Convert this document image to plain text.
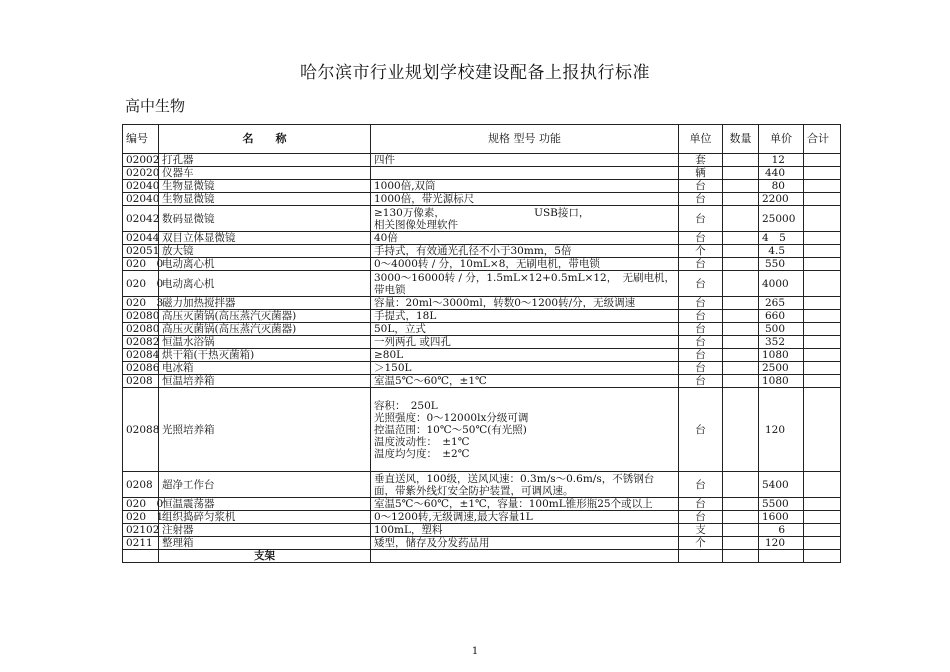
哈尔滨市行业规划学校建设配备上报执行标准
高中生物
编号	名　　称	规格 型号 功能	单位	数量	单价	合计
02002	打孔器	四件	套		12	
02020	仪器车		辆		440	
02040	生物显微镜	1000倍,双筒	台		80	
02040	生物显微镜	1000倍，带光源标尺	台		2200	
02042	数码显微镜	≥130万像素，　　　　　　　　　USB接口，
相关图像处理软件	台		25000	
02044	双目立体显微镜	40倍	台		4　5	
02051	放大镜	手持式，有效通光孔径不小于30mm，5倍	个		4.5	
020　0	电动离心机	0～4000转 / 分，10mL×8，无刷电机，带电锁	台		550	
020　0	电动离心机	3000～16000转 / 分，1.5mL×12+0.5mL×12，　无刷电机，
带电锁	台		4000	
020　3	磁力加热搅拌器	容量：20ml～3000ml，转数0～1200转/分，无级调速	台		265	
02080	高压灭菌锅(高压蒸汽灭菌器)	手提式，18L	台		660	
02080	高压灭菌锅(高压蒸汽灭菌器)	50L，立式	台		500	
02082	恒温水浴锅	一列两孔 或四孔	台		352	
02084	烘干箱(干热灭菌箱)	≥80L	台		1080	
02086	电冰箱	＞150L	台		2500	
0208	恒温培养箱	室温5℃～60℃，±1℃	台		1080	
02088	光照培养箱	容积：　250L
光照强度：0～12000lx分级可调
控温范围：10℃～50℃(有光照)
温度波动性：　±1℃
温度均匀度：　±2℃	台		120	
0208	超净工作台	垂直送风，100级，送风风速：0.3m/s～0.6m/s，不锈钢台
面，带紫外线灯安全防护装置，可调风速。	台		5400	
020　0	恒温震荡器	室温5℃～60℃，±1℃，容量：100mL锥形瓶25个或以上	台		5500	
020　1	组织捣碎匀浆机	0～1200转,无级调速,最大容量1L	台		1600	
02102	注射器	100mL，塑料	支		6	
0211	整理箱	矮型，储存及分发药品用	个		120	
	支架					
1
